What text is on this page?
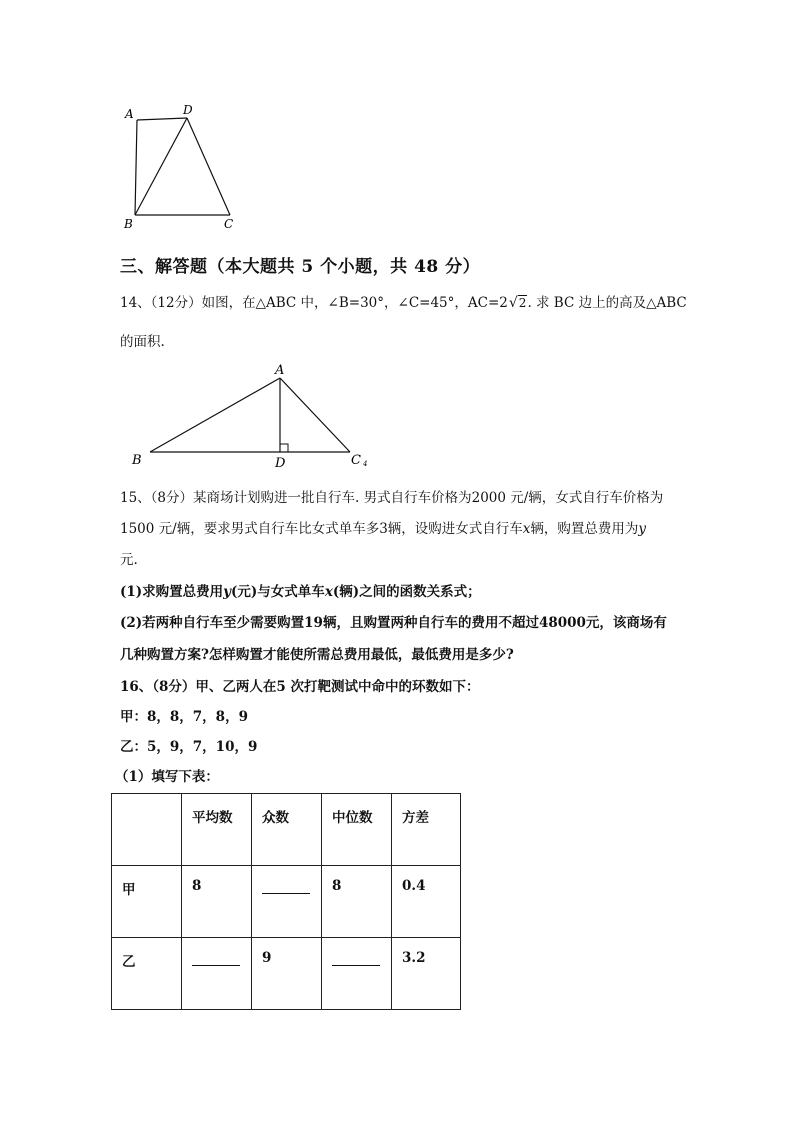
A	D
B	C
三、解答题（本大题共 5 个小题，共 48 分）
14、（12分）如图，在△ABC 中，∠B=30°，∠C=45°，AC=2√2. 求 BC 边上的高及△ABC
的面积.
A
B	D	C 4
15、（8分）某商场计划购进一批自行车. 男式自行车价格为2000 元/辆，女式自行车价格为
1500 元/辆，要求男式自行车比女式单车多3辆，设购进女式自行车x辆，购置总费用为y
元.
(1)求购置总费用y(元)与女式单车x(辆)之间的函数关系式；
(2)若两种自行车至少需要购置19辆，且购置两种自行车的费用不超过48000元，该商场有
几种购置方案?怎样购置才能使所需总费用最低，最低费用是多少?
16、（8分）甲、乙两人在5 次打靶测试中命中的环数如下：
甲：8，8，7，8，9
乙：5，9，7，10，9
（1）填写下表：

	平均数	众数	中位数	方差

甲	8		8	0.4

乙		9		3.2
